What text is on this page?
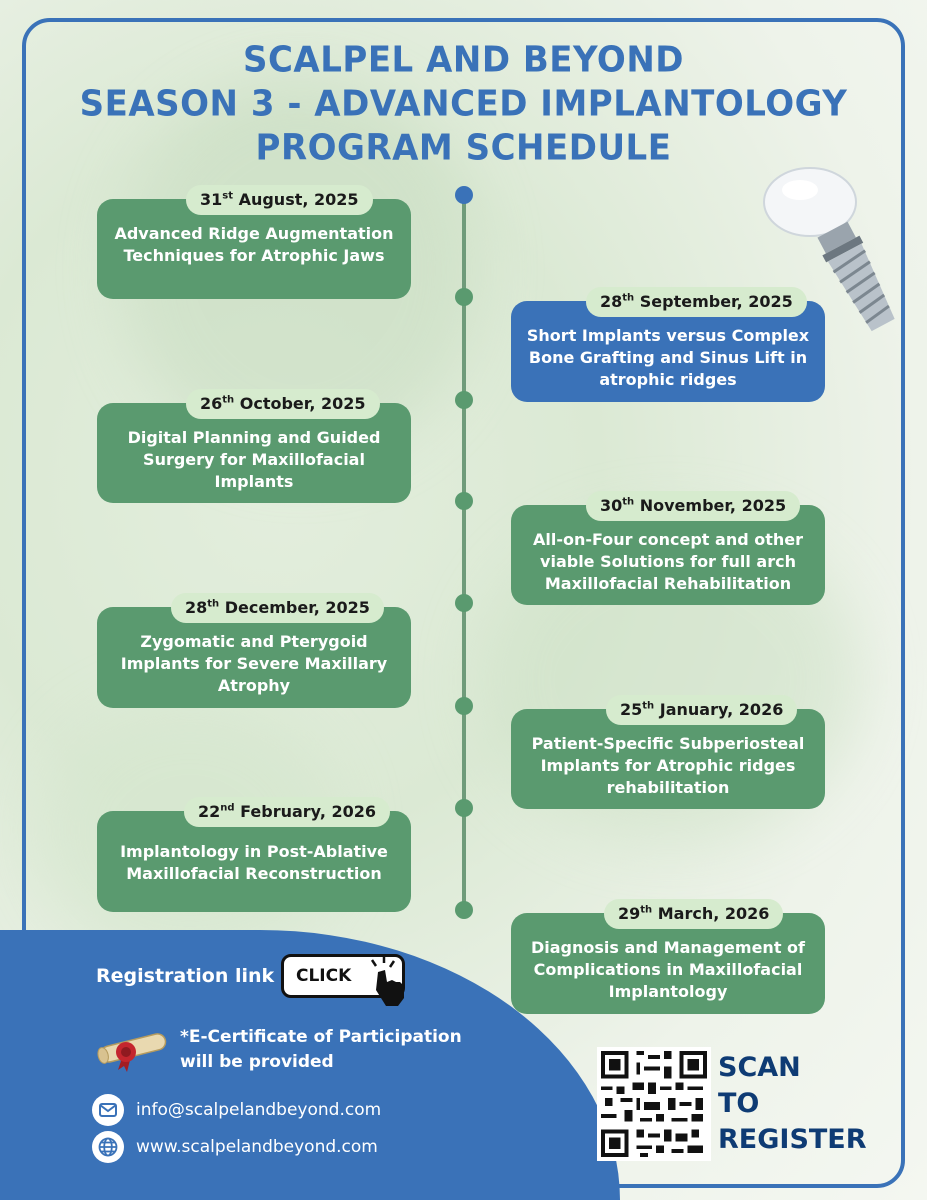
SCALPEL AND BEYOND
SEASON 3 - ADVANCED IMPLANTOLOGY
PROGRAM SCHEDULE
31st August, 2025
Advanced Ridge Augmentation Techniques for Atrophic Jaws
28th September, 2025
Short Implants versus Complex Bone Grafting and Sinus Lift in atrophic ridges
26th October, 2025
Digital Planning and Guided Surgery for Maxillofacial Implants
30th November, 2025
All-on-Four concept and other viable Solutions for full arch Maxillofacial Rehabilitation
28th December, 2025
Zygomatic and Pterygoid Implants for Severe Maxillary Atrophy
25th January, 2026
Patient-Specific Subperiosteal Implants for Atrophic ridges rehabilitation
22nd February, 2026
Implantology in Post-Ablative Maxillofacial Reconstruction
29th March, 2026
Diagnosis and Management of Complications in Maxillofacial Implantology
Registration link	CLICK
*E-Certificate of Participation
will be provided
info@scalpelandbeyond.com
www.scalpelandbeyond.com
SCAN
TO
REGISTER
